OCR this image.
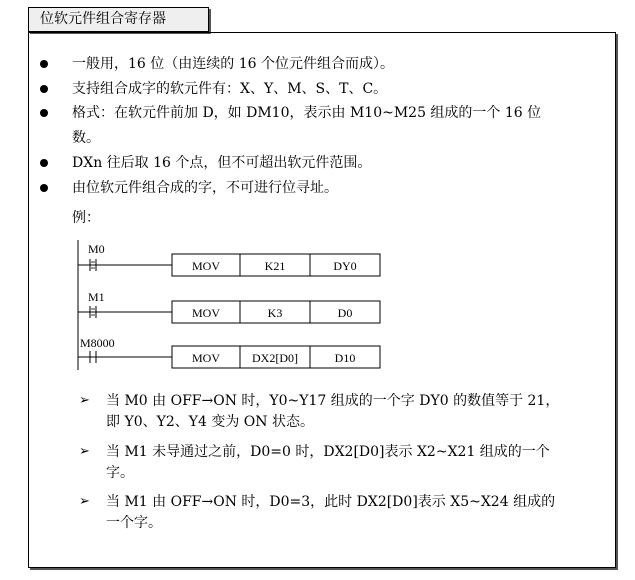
位软元件组合寄存器
一般用，16 位（由连续的 16 个位元件组合而成）。
支持组合成字的软元件有：X、Y、M、S、T、C。
格式：在软元件前加 D，如 DM10，表示由 M10~M25 组成的一个 16 位
数。
DXn 往后取 16 个点，但不可超出软元件范围。
由位软元件组合成的字，不可进行位寻址。
例：
M0
MOV	K21	DY0
M1
MOV	K3	D0
M8000
MOV	DX2[D0]	D10
➢ 当 M0 由 OFF→ON 时，Y0~Y17 组成的一个字 DY0 的数值等于 21，
即 Y0、Y2、Y4 变为 ON 状态。
➢ 当 M1 未导通过之前，D0=0 时，DX2[D0]表示 X2~X21 组成的一个
字。
➢ 当 M1 由 OFF→ON 时，D0=3，此时 DX2[D0]表示 X5~X24 组成的
一个字。
